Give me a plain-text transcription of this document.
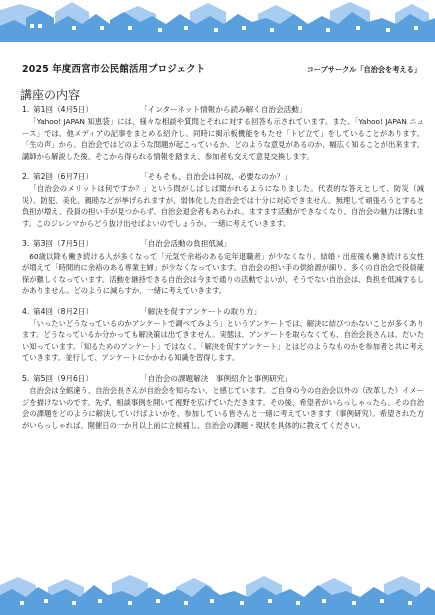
2025 年度西宮市公民館活用プロジェクト	コープサークル「自治会を考える」
講座の内容
1. 第1回（4月5日）	「インターネット情報から読み解く自治会活動」
「Yahoo! JAPAN 知恵袋」には、様々な相談や質問とそれに対する回答も示されています。また、「Yahoo! JAPAN ニュース」では、他メディアの記事をまとめる紹介し、同時に掲示板機能をもたせ「トピ立て」をしていることがあります。「生の声」から、自治会ではどのような問題が起こっているか、どのような意見があるのか、幅広く知ることが出来ます。講師から解説した後、そこから得られる情報を踏まえ、参加者も交えて意見交換します。
2. 第2回（6月7日）	「そもそも、自治会は何故、必要なのか？」
「自治会のメリットは何ですか？」という問がしばしば聞かれるようになりました。代表的な答えとして、防災（減災）、防犯、美化、親睦などが挙げられますが、弱体化した自治会では十分に対応できません。無理して頑張ろうとすると負担が増え、役員の担い手が見つからず、自治会退会者もあらわれ、ますます活動ができなくなり、自治会の魅力は薄れます。このジレンマからどう抜け出せばよいのでしょうか。一緒に考えていきます。
3. 第3回（7月5日）	「自治会活動の負担低減」
60歳以降も働き続ける人が多くなって「元気で余裕のある定年退職者」が少なくなり、結婚・出産後も働き続ける女性が増えて「時間的に余裕のある専業主婦」が少なくなっています。自治会の担い手の供給源が細り、多くの自治会で役員確保が難しくなっています。活動を継持できる自治会は今まで通りの活動でよいが、そうでない自治会は、負担を低減するしかありません。どのように減らすか、一緒に考えていきます。
4. 第4回（8月2日）	「解決を促すアンケートの取り方」
「いったいどうなっているのかアンケートで調べてみよう」というアンケートでは、解決に結びつかないことが多くあります。どうなっているか分かっても解決策は出てきません。実態は、アンケートを取らなくても、自治会長さんは、だいたい知っています。「知るためのアンケート」ではなく、「解決を促すアンケート」とはどのようなものかを参加者と共に考えていきます。並行して、アンケートにかかわる知識を習得します。
5. 第5回（9月6日）	「自治会の課題解決　事例紹介と事例研究」
自治会は全館違う、自治会長さんが自治会を知らない、と感じています。ご自身の今の自治会以外の（改革した）イメージを描けないのです。先ず、相談事例を開いて視野を広げていただきます。その後、希望者がいらっしゃったら、その自治会の課題をどのように解決していけばよいかを、参加している皆さんと一緒に考えていきます（事例研究）。希望された方がいらっしゃれば、開催日の一か月以上前に立候補し、自治会の課題・現状を具体的に教えてください。
